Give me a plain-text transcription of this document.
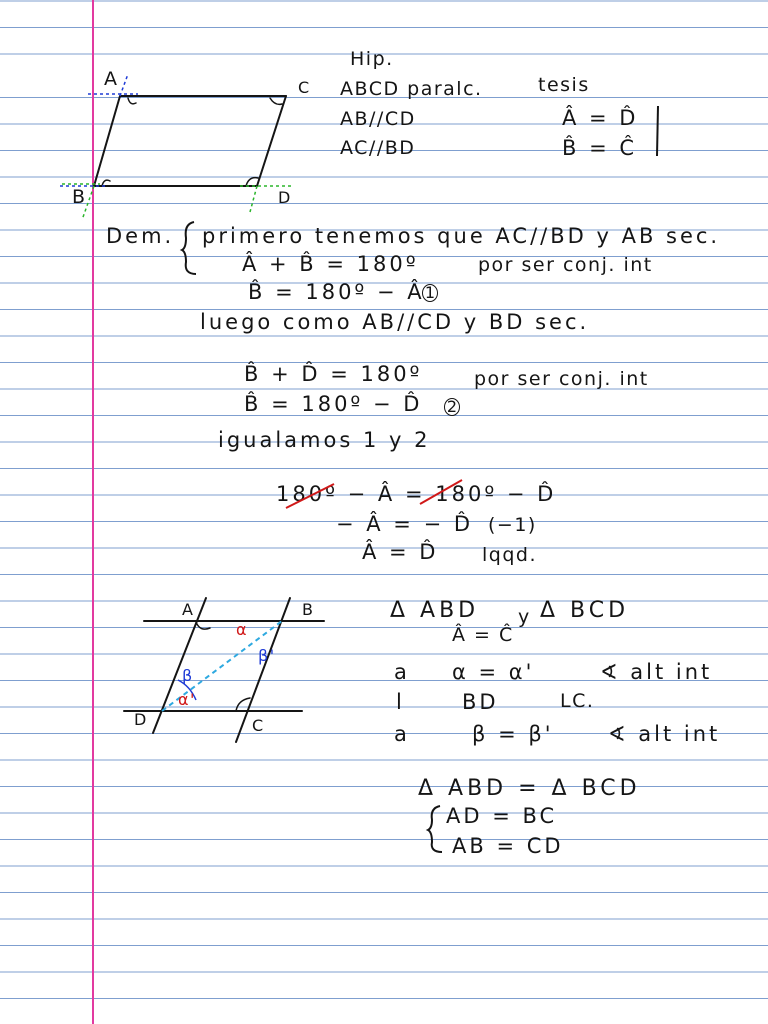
A	C
B	D
Hip.
ABCD paralc.
AB//CD
AC//BD
tesis
Â = D̂
B̂ = Ĉ
Dem. primero tenemos que AC//BD y AB sec.
Â + B̂ = 180º	por ser conj. int
B̂ = 180º − Â 1
luego como AB//CD y BD sec.
B̂ + D̂ = 180º	por ser conj. int
B̂ = 180º − D̂ 2
igualamos 1 y 2
180º − Â = 180º − D̂
− Â = − D̂ (−1)
Â = D̂ lqqd.
A	B
D	C
α
α'
β
β'
Δ ABD y Δ BCD
Â = Ĉ
a α = α'	∢ alt int
l	BD	LC.
a	β = β'	∢ alt int
Δ ABD = Δ BCD
AD = BC
AB = CD
